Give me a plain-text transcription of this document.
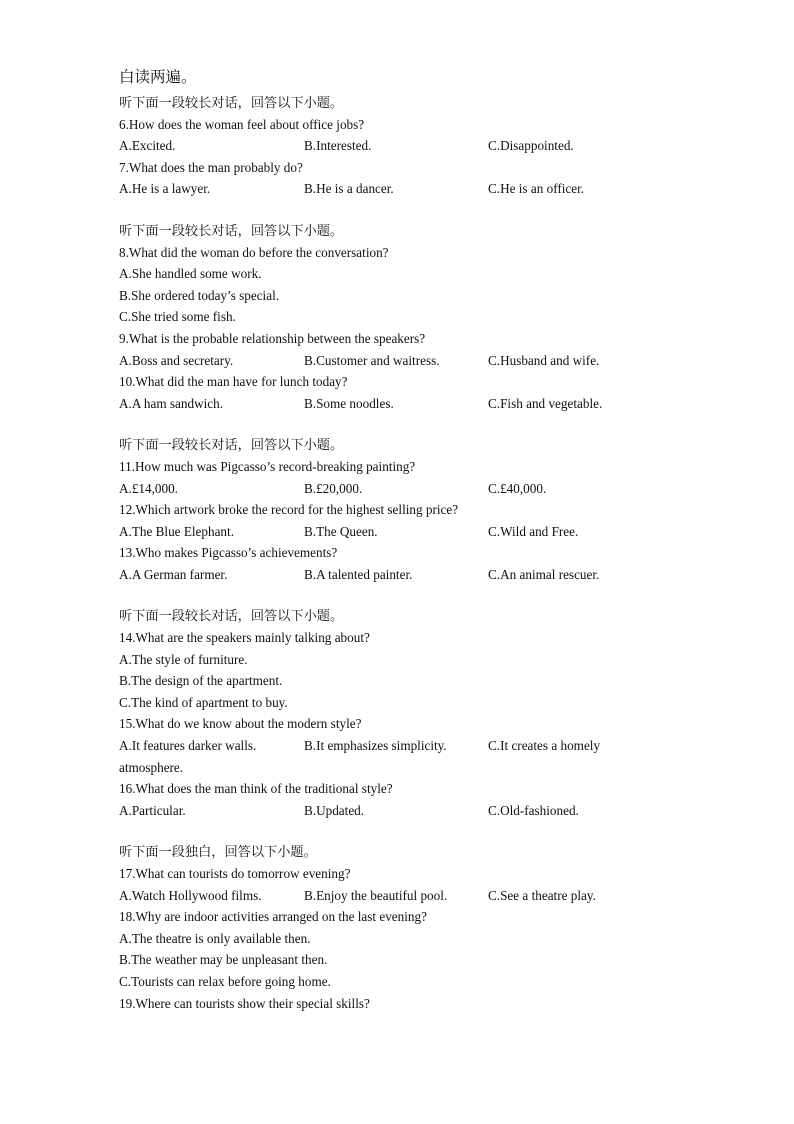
白读两遍。
听下面一段较长对话，回答以下小题。
6.How does the woman feel about office jobs?
A.Excited.	B.Interested.	C.Disappointed.
7.What does the man probably do?
A.He is a lawyer.	B.He is a dancer.	C.He is an officer.
听下面一段较长对话，回答以下小题。
8.What did the woman do before the conversation?
A.She handled some work.
B.She ordered today’s special.
C.She tried some fish.
9.What is the probable relationship between the speakers?
A.Boss and secretary.	B.Customer and waitress.	C.Husband and wife.
10.What did the man have for lunch today?
A.A ham sandwich.	B.Some noodles.	C.Fish and vegetable.
听下面一段较长对话，回答以下小题。
11.How much was Pigcasso’s record-breaking painting?
A.£14,000.	B.£20,000.	C.£40,000.
12.Which artwork broke the record for the highest selling price?
A.The Blue Elephant.	B.The Queen.	C.Wild and Free.
13.Who makes Pigcasso’s achievements?
A.A German farmer.	B.A talented painter.	C.An animal rescuer.
听下面一段较长对话，回答以下小题。
14.What are the speakers mainly talking about?
A.The style of furniture.
B.The design of the apartment.
C.The kind of apartment to buy.
15.What do we know about the modern style?
A.It features darker walls.	B.It emphasizes simplicity.	C.It creates a homely
atmosphere.
16.What does the man think of the traditional style?
A.Particular.	B.Updated.	C.Old-fashioned.
听下面一段独白，回答以下小题。
17.What can tourists do tomorrow evening?
A.Watch Hollywood films.	B.Enjoy the beautiful pool.	C.See a theatre play.
18.Why are indoor activities arranged on the last evening?
A.The theatre is only available then.
B.The weather may be unpleasant then.
C.Tourists can relax before going home.
19.Where can tourists show their special skills?
